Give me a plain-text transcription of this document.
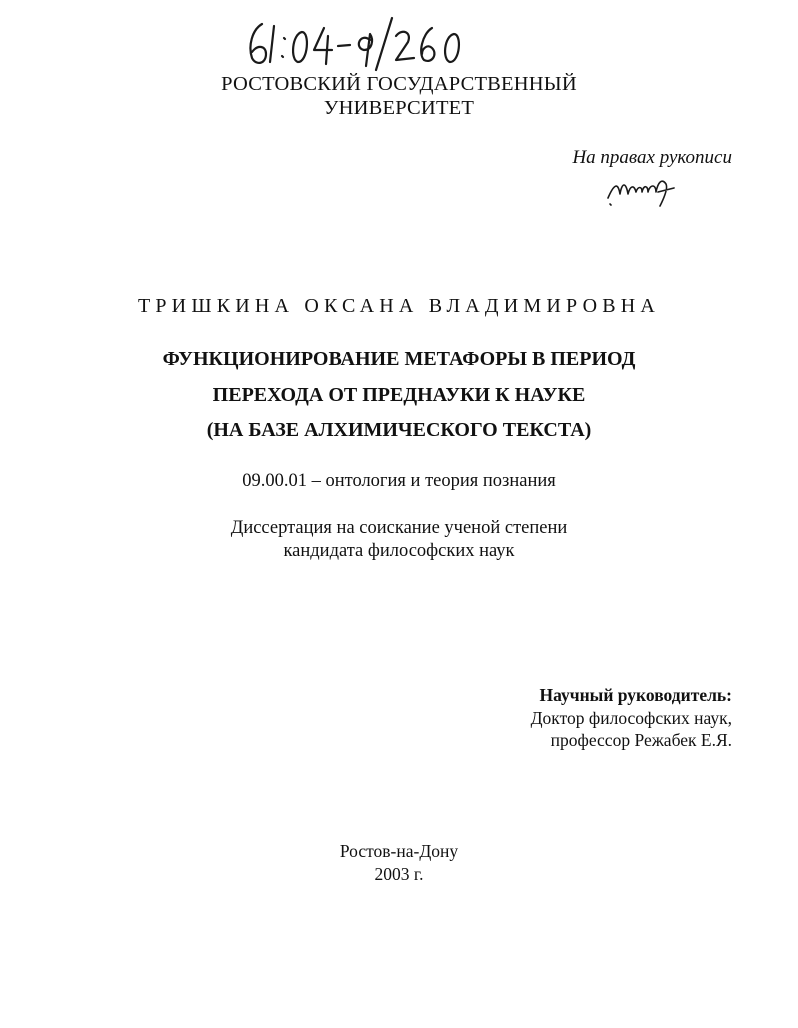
РОСТОВСКИЙ ГОСУДАРСТВЕННЫЙ
УНИВЕРСИТЕТ
На правах рукописи
ТРИШКИНА ОКСАНА ВЛАДИМИРОВНА
ФУНКЦИОНИРОВАНИЕ МЕТАФОРЫ В ПЕРИОД
ПЕРЕХОДА ОТ ПРЕДНАУКИ К НАУКЕ
(НА БАЗЕ АЛХИМИЧЕСКОГО ТЕКСТА)
09.00.01 – онтология и теория познания
Диссертация на соискание ученой степени
кандидата философских наук
Научный руководитель:
Доктор философских наук,
профессор Режабек Е.Я.
Ростов-на-Дону
2003 г.
